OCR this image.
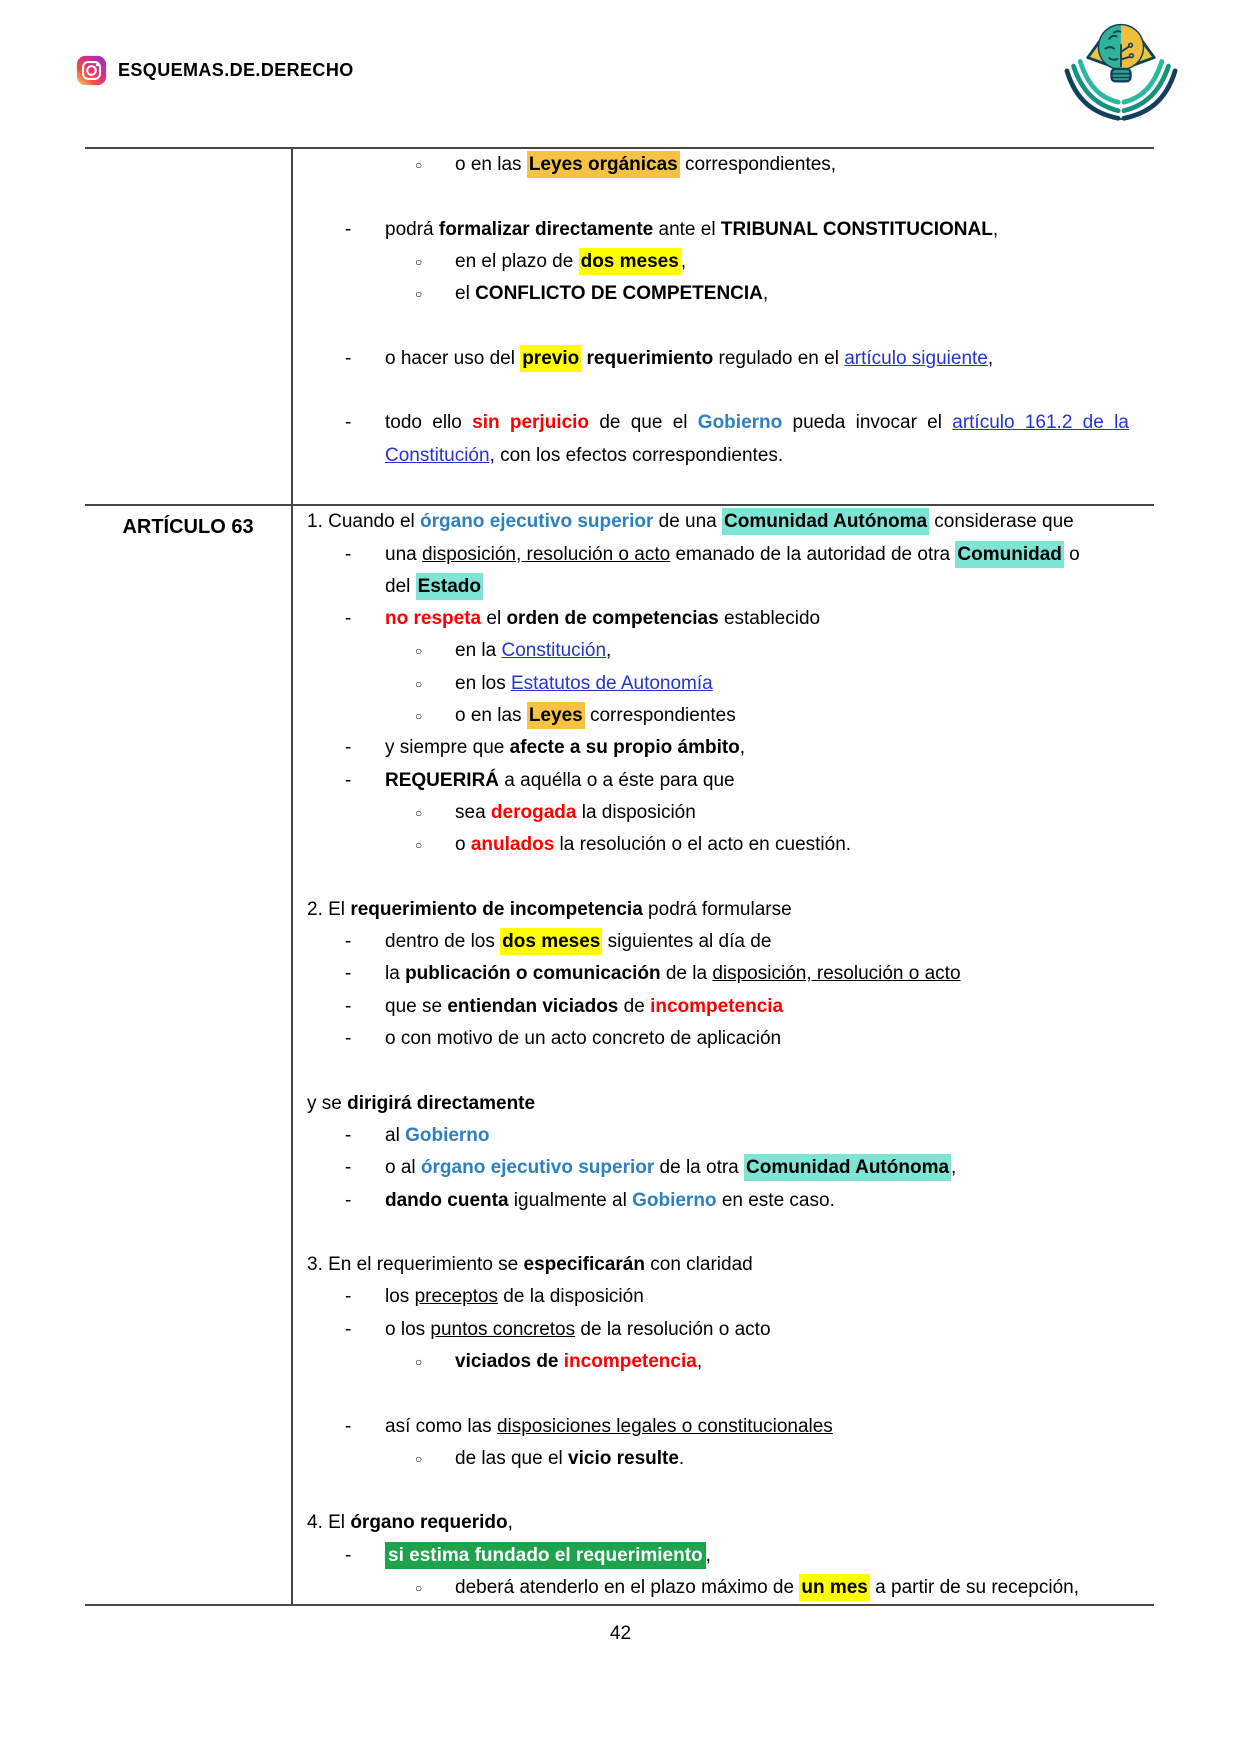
ESQUEMAS.DE.DERECHO
○ o en las Leyes orgánicas correspondientes,
- podrá formalizar directamente ante el TRIBUNAL CONSTITUCIONAL,
○ en el plazo de dos meses ,
○ el CONFLICTO DE COMPETENCIA,
- o hacer uso del previo requerimiento regulado en el artículo siguiente,
- todo ello sin perjuicio de que el Gobierno pueda invocar el artículo 161.2 de la
Constitución, con los efectos correspondientes.
ARTÍCULO 63	1. Cuando el órgano ejecutivo superior de una Comunidad Autónoma considerase que
- una disposición, resolución o acto emanado de la autoridad de otra Comunidad o
del Estado
- no respeta el orden de competencias establecido
○ en la Constitución,
○ en los Estatutos de Autonomía
○ o en las Leyes correspondientes
- y siempre que afecte a su propio ámbito,
- REQUERIRÁ a aquélla o a éste para que
○ sea derogada la disposición
○ o anulados la resolución o el acto en cuestión.
2. El requerimiento de incompetencia podrá formularse
- dentro de los dos meses siguientes al día de
- la publicación o comunicación de la disposición, resolución o acto
- que se entiendan viciados de incompetencia
- o con motivo de un acto concreto de aplicación
y se dirigirá directamente
- al Gobierno
- o al órgano ejecutivo superior de la otra Comunidad Autónoma ,
- dando cuenta igualmente al Gobierno en este caso.
3. En el requerimiento se especificarán con claridad
- los preceptos de la disposición
- o los puntos concretos de la resolución o acto
○ viciados de incompetencia,
- así como las disposiciones legales o constitucionales
○ de las que el vicio resulte.
4. El órgano requerido,
- si estima fundado el requerimiento ,
○ deberá atenderlo en el plazo máximo de un mes a partir de su recepción,
42
